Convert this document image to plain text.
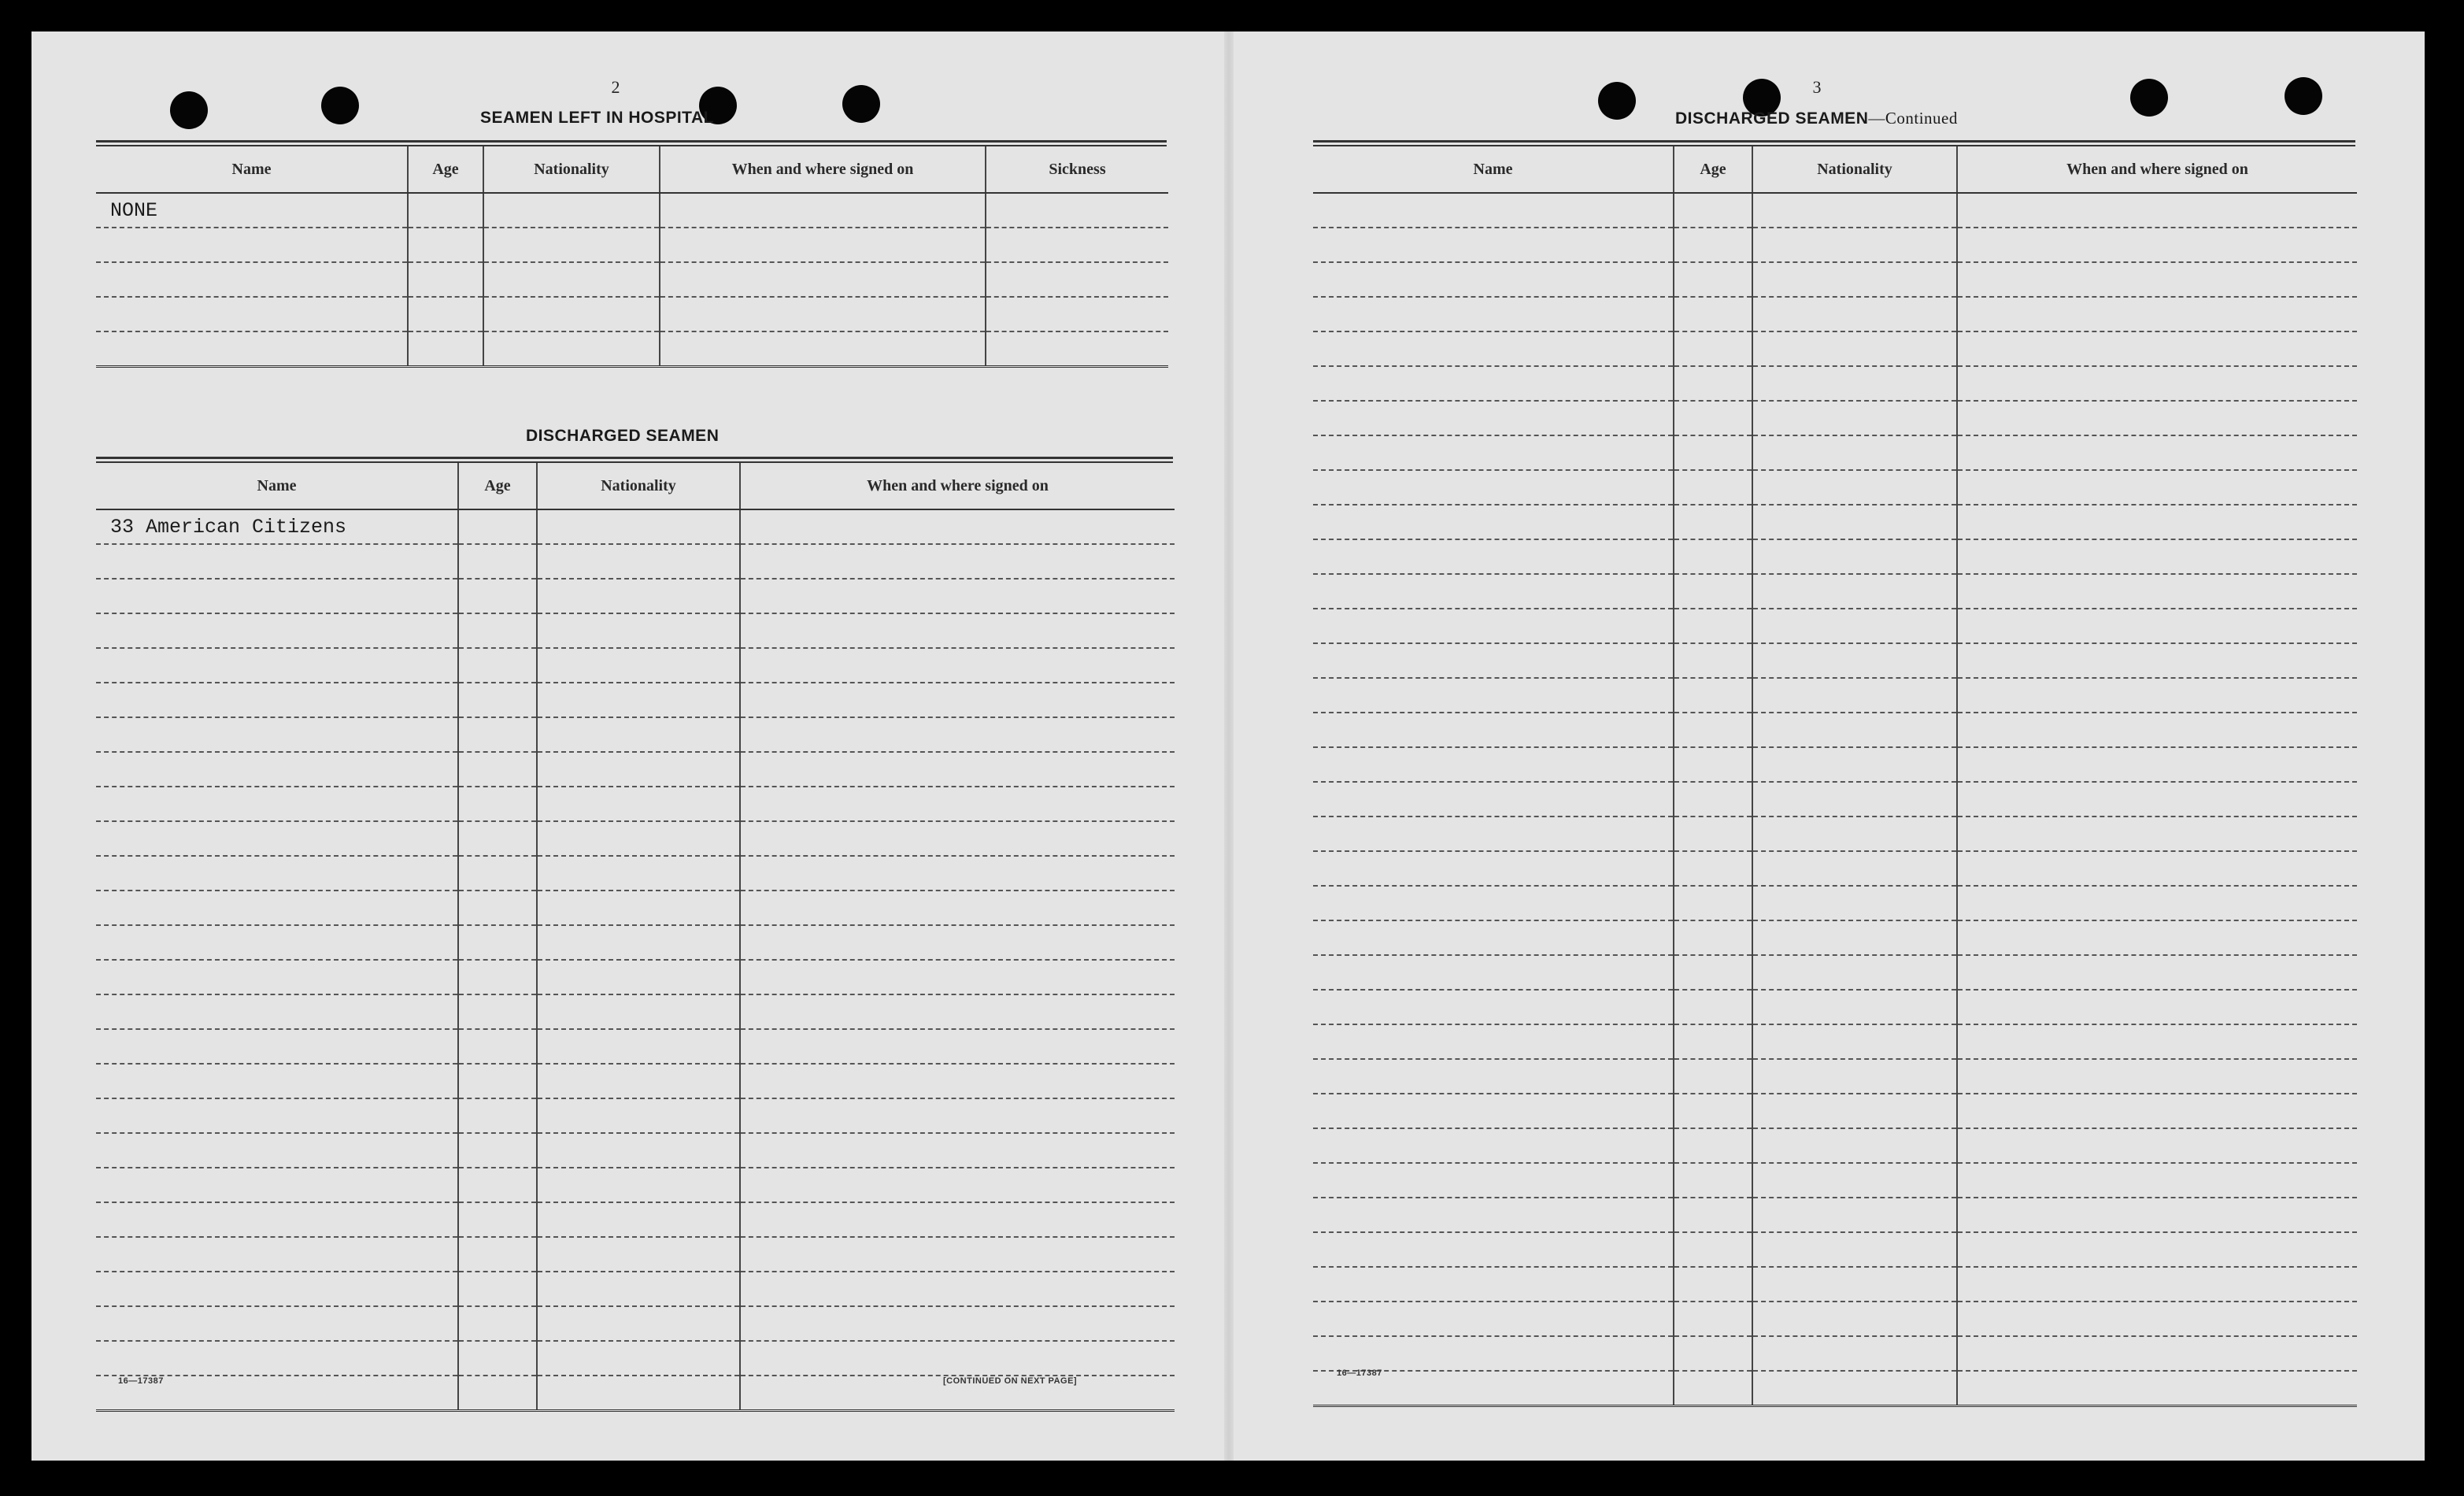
2
SEAMEN LEFT IN HOSPITAL
Name	Age	Nationality	When and where signed on	Sickness
NONE				

DISCHARGED SEAMEN
Name	Age	Nationality	When and where signed on
33 American Citizens			

16—17387	[CONTINUED ON NEXT PAGE]
3
DISCHARGED SEAMEN—Continued
Name	Age	Nationality	When and where signed on

16—17387
